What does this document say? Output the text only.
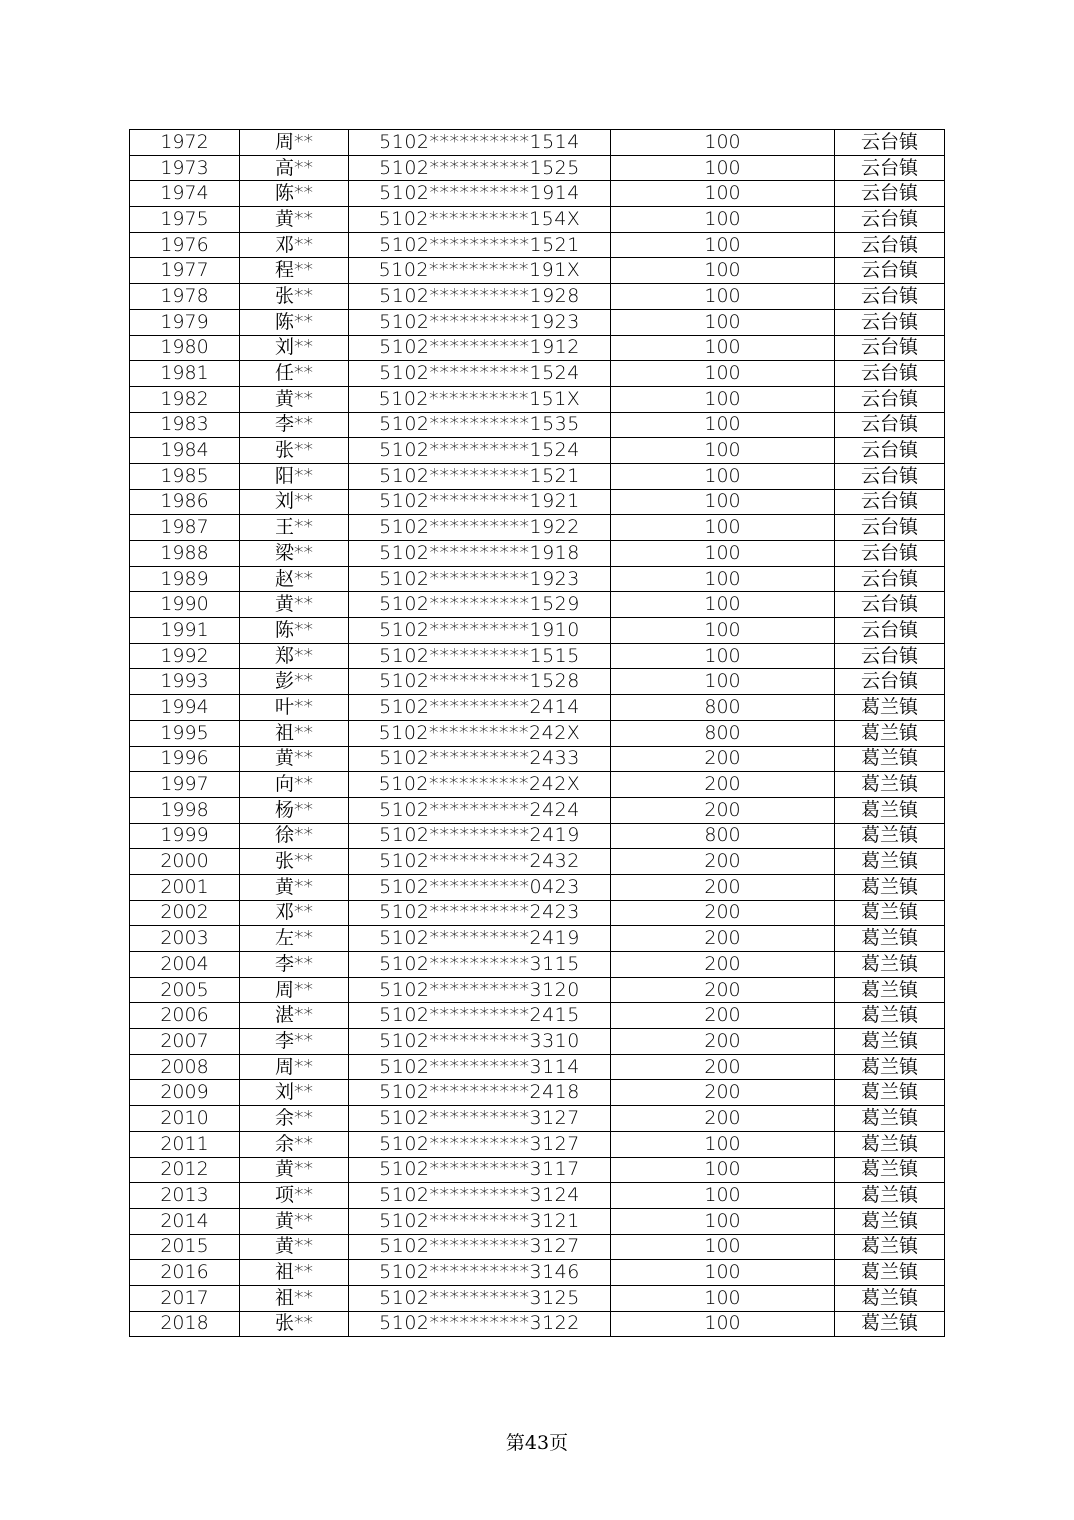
1972	周**	5102**********1514	100	云台镇
1973	高**	5102**********1525	100	云台镇
1974	陈**	5102**********1914	100	云台镇
1975	黄**	5102**********154X	100	云台镇
1976	邓**	5102**********1521	100	云台镇
1977	程**	5102**********191X	100	云台镇
1978	张**	5102**********1928	100	云台镇
1979	陈**	5102**********1923	100	云台镇
1980	刘**	5102**********1912	100	云台镇
1981	任**	5102**********1524	100	云台镇
1982	黄**	5102**********151X	100	云台镇
1983	李**	5102**********1535	100	云台镇
1984	张**	5102**********1524	100	云台镇
1985	阳**	5102**********1521	100	云台镇
1986	刘**	5102**********1921	100	云台镇
1987	王**	5102**********1922	100	云台镇
1988	梁**	5102**********1918	100	云台镇
1989	赵**	5102**********1923	100	云台镇
1990	黄**	5102**********1529	100	云台镇
1991	陈**	5102**********1910	100	云台镇
1992	郑**	5102**********1515	100	云台镇
1993	彭**	5102**********1528	100	云台镇
1994	叶**	5102**********2414	800	葛兰镇
1995	祖**	5102**********242X	800	葛兰镇
1996	黄**	5102**********2433	200	葛兰镇
1997	向**	5102**********242X	200	葛兰镇
1998	杨**	5102**********2424	200	葛兰镇
1999	徐**	5102**********2419	800	葛兰镇
2000	张**	5102**********2432	200	葛兰镇
2001	黄**	5102**********0423	200	葛兰镇
2002	邓**	5102**********2423	200	葛兰镇
2003	左**	5102**********2419	200	葛兰镇
2004	李**	5102**********3115	200	葛兰镇
2005	周**	5102**********3120	200	葛兰镇
2006	湛**	5102**********2415	200	葛兰镇
2007	李**	5102**********3310	200	葛兰镇
2008	周**	5102**********3114	200	葛兰镇
2009	刘**	5102**********2418	200	葛兰镇
2010	余**	5102**********3127	200	葛兰镇
2011	余**	5102**********3127	100	葛兰镇
2012	黄**	5102**********3117	100	葛兰镇
2013	项**	5102**********3124	100	葛兰镇
2014	黄**	5102**********3121	100	葛兰镇
2015	黄**	5102**********3127	100	葛兰镇
2016	祖**	5102**********3146	100	葛兰镇
2017	祖**	5102**********3125	100	葛兰镇
2018	张**	5102**********3122	100	葛兰镇
第43页
